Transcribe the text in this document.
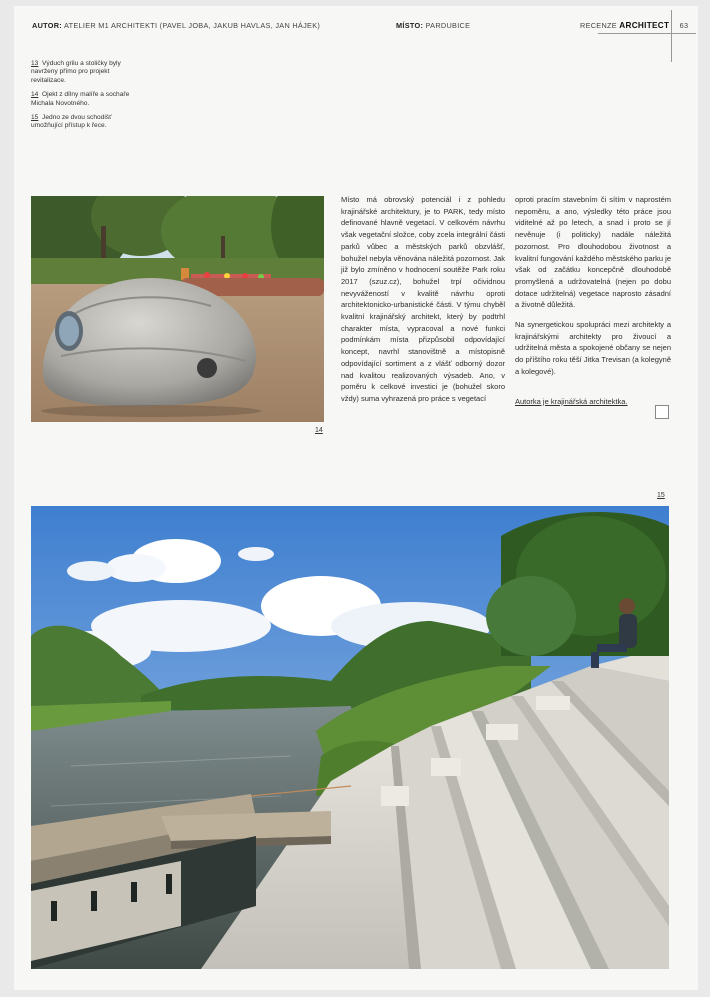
AUTOR: ATELIER M1 ARCHITEKTI (PAVEL JOBA, JAKUB HAVLAS, JAN HÁJEK)	MÍSTO: PARDUBICE	RECENZE ARCHITECT 63

13 Výduch grilu a stoličky byly navrženy přímo pro projekt revitalizace.

14 Ojekt z dílny malíře a sochaře Michala Novotného.

15 Jedno ze dvou schodišť umožňující přístup k řece.

14

Místo má obrovský potenciál i z pohledu krajinářské architektury, je to PARK, tedy místo definované hlavně vegetací. V celkovém návrhu však vegetační složce, coby zcela integrální části parků vůbec a městských parků obzvlášť, bohužel nebyla věnována náležitá pozornost. Jak již bylo zmíněno v hodnocení soutěže Park roku 2017 (szuz.cz), bohužel trpí očividnou nevyvážeností v kvalitě návrhu oproti architektonicko-urbanistické části. V týmu chyběl kvalitní krajinářský architekt, který by podtrhl charakter místa, vypracoval a nové funkci podmínkám místa přizpůsobil odpovídající koncept, navrhl stanovištně a místopisně odpovídající sortiment a z vlášť odborný dozor nad kvalitou realizovaných výsadeb. Ano, v poměru k celkové investici je (bohužel skoro vždy) suma vyhrazená pro práce s vegetací

oproti pracím stavebním či sítím v naprostém nepoměru, a ano, výsledky této práce jsou viditelné až po letech, a snad i proto se jí nevěnuje (i politicky) nadále náležitá pozornost. Pro dlouhodobou životnost a kvalitní fungování každého městského parku je však od začátku koncepčně dlouhodobě promyšlená a udržovatelná (nejen po dobu dotace udržitelná) vegetace naprosto zásadní a životně důležitá.

Na synergetickou spolupráci mezi architekty a krajinářskými architekty pro živoucí a udržitelná města a spokojené občany se nejen do příštího roku těší Jitka Trevisan (a kolegyně a kolegové).

Autorka je krajinářská architektka.

15
